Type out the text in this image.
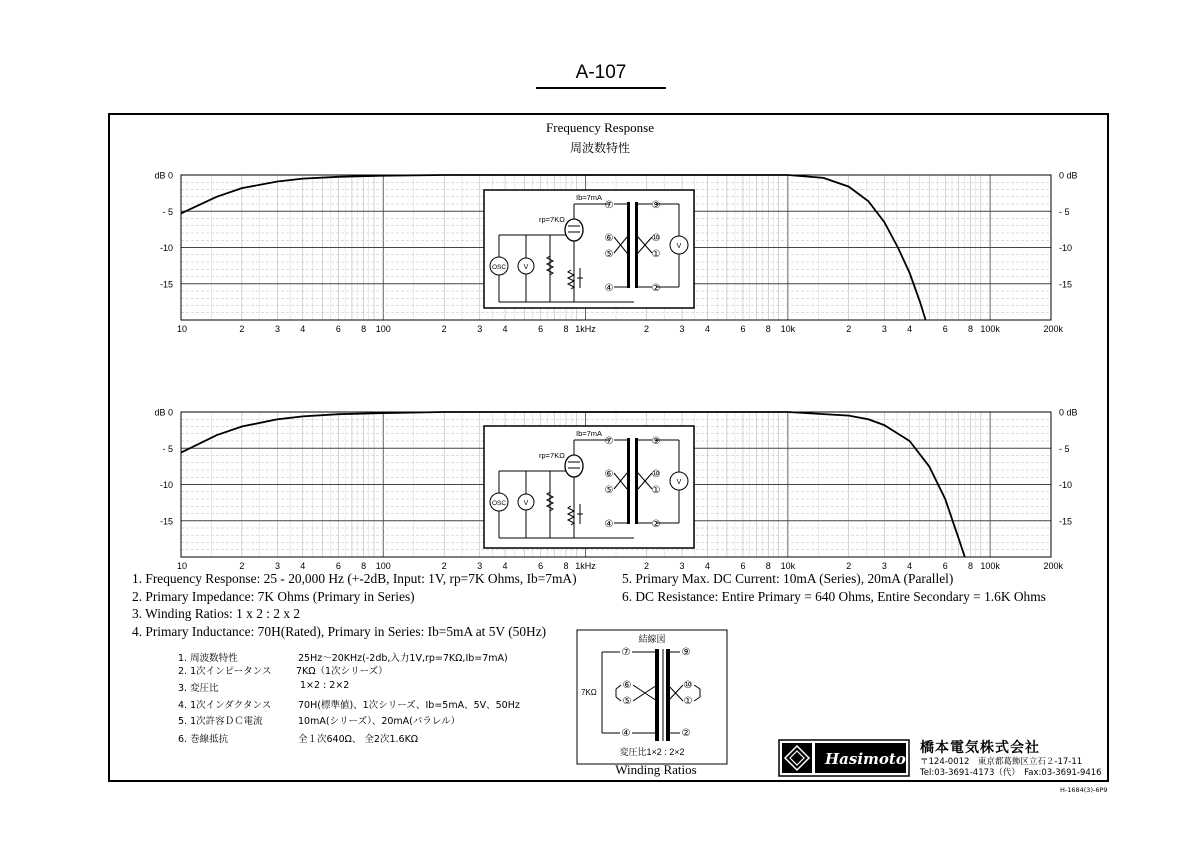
A-107
Frequency Response
周波数特性
dB 0	0 dB
- 5	- 5
-10	-10
-15	-15
10	2	3 4	6 8 100	2	3 4	6 8 1kHz	2	3 4	6 8 10k	2	3 4	6 8 100k	200k
OSC	V
Ib=7mA
rp=7KΩ
V
⑦	⑨
⑥	⑩
⑤	①
④	②
dB 0	0 dB
- 5	- 5
-10	-10
-15	-15
10	2	3 4	6 8 100	2	3 4	6 8 1kHz	2	3 4	6 8 10k	2	3 4	6 8 100k	200k
OSC	V
Ib=7mA
rp=7KΩ
V
⑦	⑨
⑥	⑩
⑤	①
④	②
1. Frequency Response: 25 - 20,000 Hz (+-2dB, Input: 1V, rp=7K Ohms, Ib=7mA)
2. Primary Impedance: 7K Ohms (Primary in Series)
3. Winding Ratios: 1 x 2 : 2 x 2
4. Primary Inductance: 70H(Rated), Primary in Series: Ib=5mA at 5V (50Hz)
5. Primary Max. DC Current: 10mA (Series), 20mA (Parallel)
6. DC Resistance: Entire Primary = 640 Ohms, Entire Secondary = 1.6K Ohms
1. 周波数特性	25Hz〜20KHz(-2db,入力1V,rp=7KΩ,Ib=7mA)
2. 1次インピータンス	7KΩ（1次シリーズ）
3. 変圧比	1×2 : 2×2
4. 1次インダクタンス	70H(標準値)、1次シリーズ、Ib=5mA、5V、50Hz
5. 1次許容ＤＣ電流	10mA(シリーズ）、20mA(パラレル）
6. 巻線抵抗	全１次640Ω、 全2次1.6KΩ
結線図
⑦	⑨
⑥	⑩
⑤	①
④	②
7KΩ
変圧比1×2 : 2×2
Winding Ratios
Hasimoto
橋本電気株式会社
〒124-0012　東京都葛飾区立石２-17-11
Tel:03-3691-4173（代）　Fax:03-3691-9416
H-1684(3)-6P9
